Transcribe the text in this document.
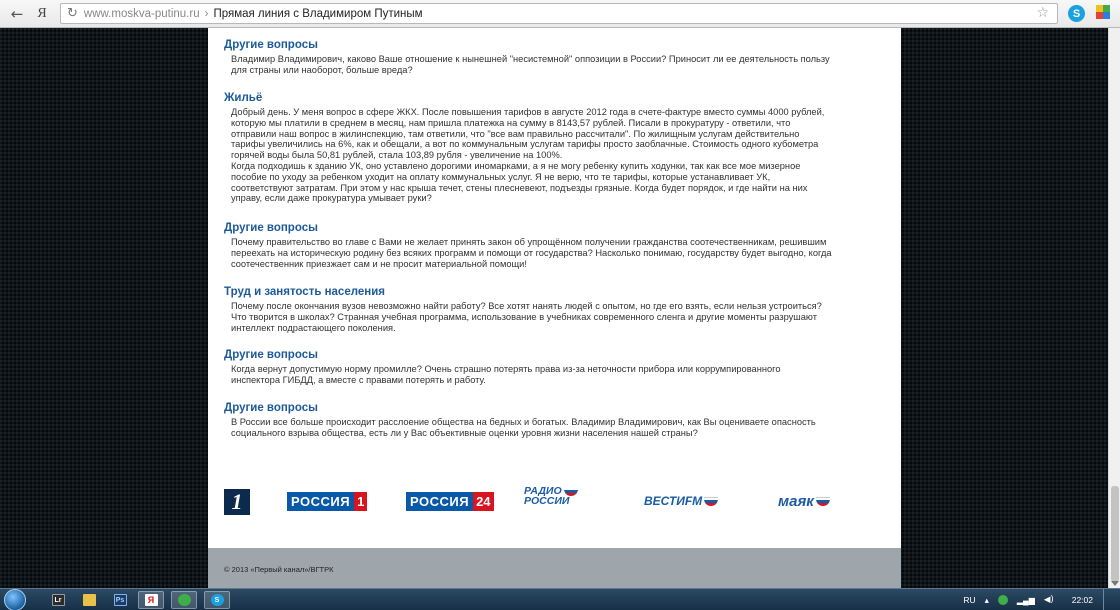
←	Я	↻ www.moskva-putinu.ru › Прямая линия с Владимиром Путиным	☆	S
Другие вопросы
Владимир Владимирович, каково Ваше отношение к нынешней "несистемной" оппозиции в России? Приносит ли ее деятельность пользу
для страны или наоборот, больше вреда?
Жильё
Добрый день. У меня вопрос в сфере ЖКХ. После повышения тарифов в августе 2012 года в счете-фактуре вместо суммы 4000 рублей,
которую мы платили в среднем в месяц, нам пришла платежка на сумму в 8143,57 рублей. Писали в прокуратуру - ответили, что
отправили наш вопрос в жилинспекцию, там ответили, что "все вам правильно рассчитали". По жилищным услугам действительно
тарифы увеличились на 6%, как и обещали, а вот по коммунальным услугам тарифы просто заоблачные. Стоимость одного кубометра
горячей воды была 50,81 рублей, стала 103,89 рубля - увеличение на 100%.
Когда подходишь к зданию УК, оно уставлено дорогими иномарками, а я не могу ребенку купить ходунки, так как все мое мизерное
пособие по уходу за ребенком уходит на оплату коммунальных услуг. Я не верю, что те тарифы, которые устанавливает УК,
соответствуют затратам. При этом у нас крыша течет, стены плесневеют, подъезды грязные. Когда будет порядок, и где найти на них
управу, если даже прокуратура умывает руки?
Другие вопросы
Почему правительство во главе с Вами не желает принять закон об упрощённом получении гражданства соотечественникам, решившим
переехать на историческую родину без всяких программ и помощи от государства? Насколько понимаю, государству будет выгодно, когда
соотечественник приезжает сам и не просит материальной помощи!
Труд и занятость населения
Почему после окончания вузов невозможно найти работу? Все хотят нанять людей с опытом, но где его взять, если нельзя устроиться?
Что творится в школах? Странная учебная программа, использование в учебниках современного сленга и другие моменты разрушают
интеллект подрастающего поколения.
Другие вопросы
Когда вернут допустимую норму промилле? Очень страшно потерять права из-за неточности прибора или коррумпированного
инспектора ГИБДД, а вместе с правами потерять и работу.
Другие вопросы
В России все больше происходит расслоение общества на бедных и богатых. Владимир Владимирович, как Вы оцениваете опасность
социального взрыва общества, есть ли у Вас объективные оценки уровня жизни населения нашей страны?
1	РОССИЯ 1	РОССИЯ 24
РАДИО
РОССИИ	ВЕСТИFM	маяк
© 2013 «Первый канал»/ВГТРК
Lr	Ps	Я	S	RU ▴	▂▄▆ ◀) 22:02
